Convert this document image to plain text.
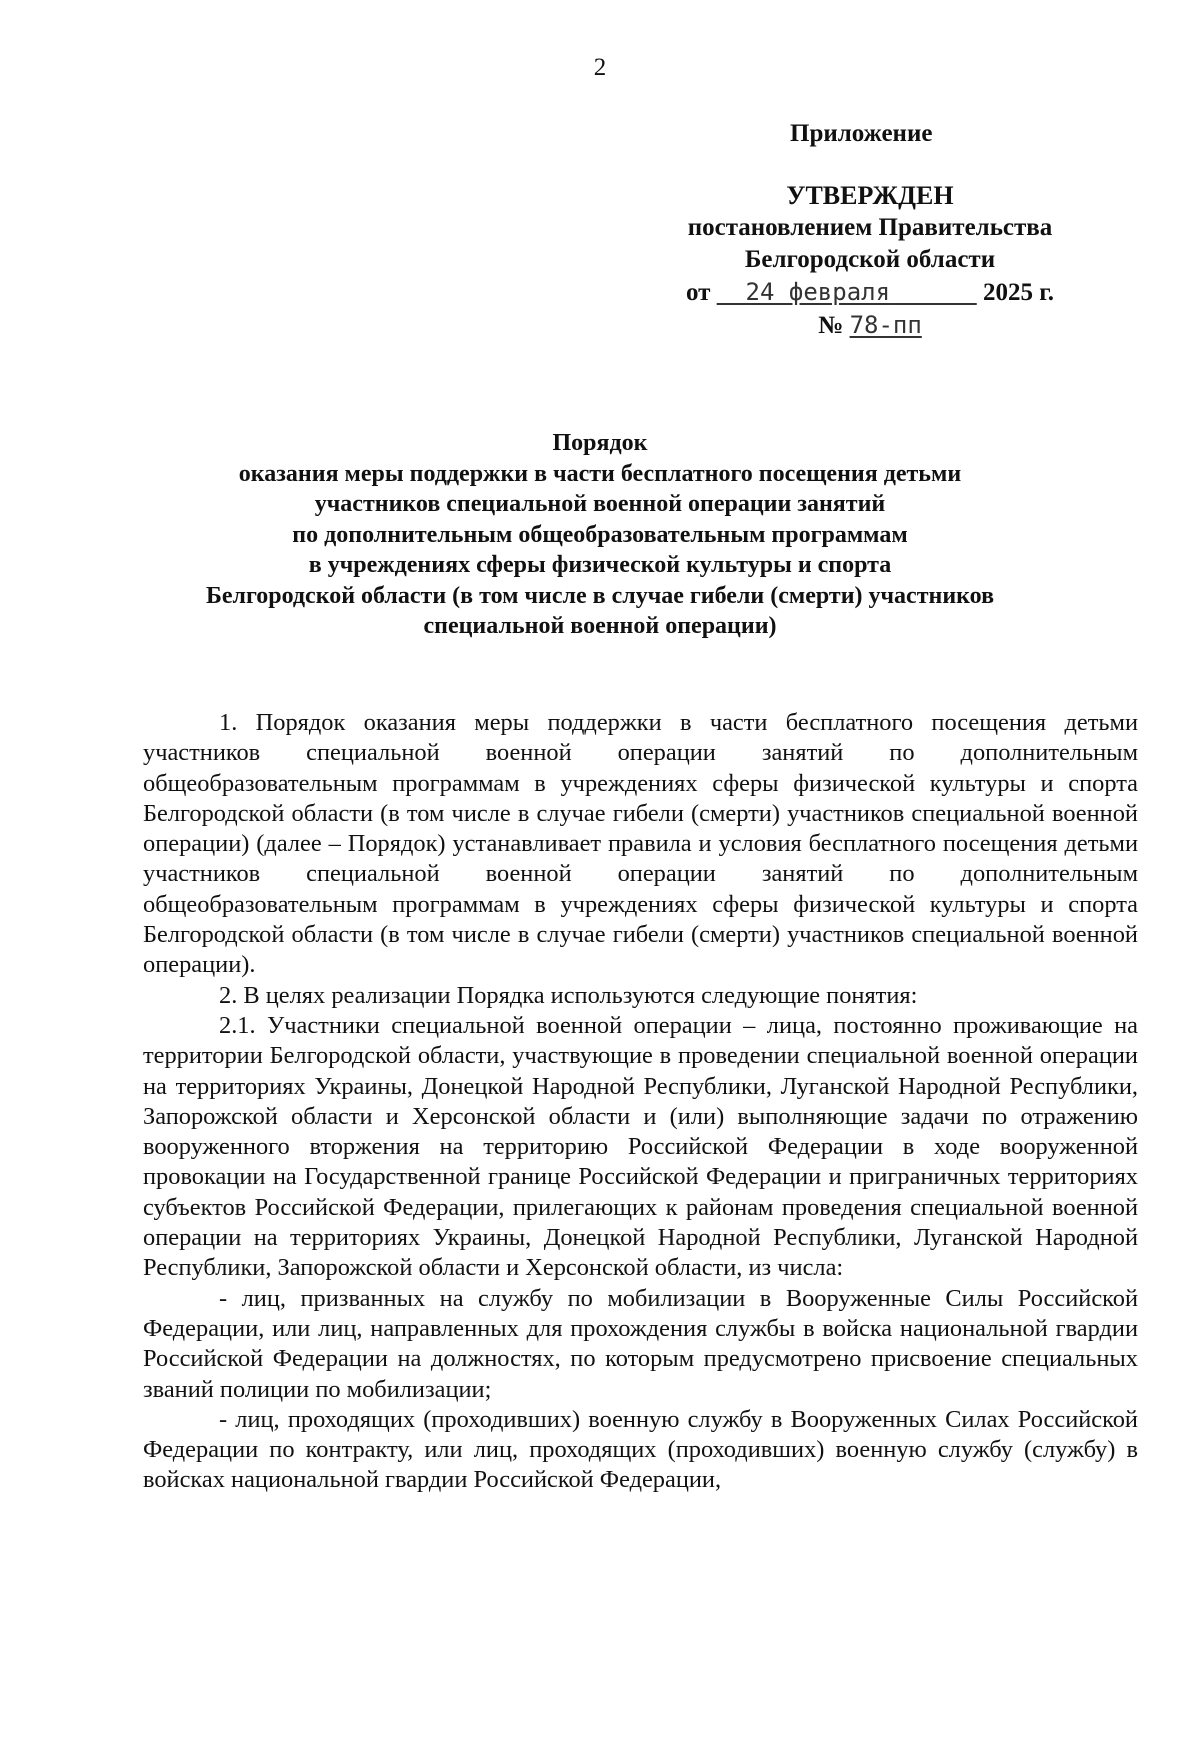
2
Приложение
УТВЕРЖДЕН
постановлением Правительства
Белгородской области
от 24 февраля	2025 г.
№ 78-пп
Порядок
оказания меры поддержки в части бесплатного посещения детьми
участников специальной военной операции занятий
по дополнительным общеобразовательным программам
в учреждениях сферы физической культуры и спорта
Белгородской области (в том числе в случае гибели (смерти) участников
специальной военной операции)

1. Порядок оказания меры поддержки в части бесплатного посещения детьми участников специальной военной операции занятий по дополнительным общеобразовательным программам в учреждениях сферы физической культуры и спорта Белгородской области (в том числе в случае гибели (смерти) участников специальной военной операции) (далее – Порядок) устанавливает правила и условия бесплатного посещения детьми участников специальной военной операции занятий по дополнительным общеобразовательным программам в учреждениях сферы физической культуры и спорта Белгородской области (в том числе в случае гибели (смерти) участников специальной военной операции).

2. В целях реализации Порядка используются следующие понятия:

2.1. Участники специальной военной операции – лица, постоянно проживающие на территории Белгородской области, участвующие в проведении специальной военной операции на территориях Украины, Донецкой Народной Республики, Луганской Народной Республики, Запорожской области и Херсонской области и (или) выполняющие задачи по отражению вооруженного вторжения на территорию Российской Федерации в ходе вооруженной провокации на Государственной границе Российской Федерации и приграничных территориях субъектов Российской Федерации, прилегающих к районам проведения специальной военной операции на территориях Украины, Донецкой Народной Республики, Луганской Народной Республики, Запорожской области и Херсонской области, из числа:

- лиц, призванных на службу по мобилизации в Вооруженные Силы Российской Федерации, или лиц, направленных для прохождения службы в войска национальной гвардии Российской Федерации на должностях, по которым предусмотрено присвоение специальных званий полиции по мобилизации;

- лиц, проходящих (проходивших) военную службу в Вооруженных Силах Российской Федерации по контракту, или лиц, проходящих (проходивших) военную службу (службу) в войсках национальной гвардии Российской Федерации,
